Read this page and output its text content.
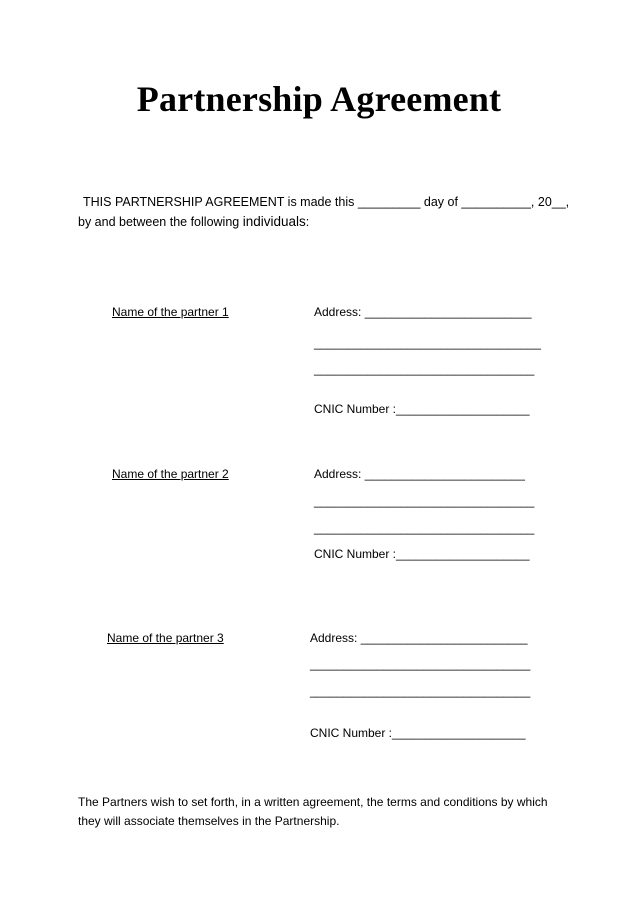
Partnership Agreement
THIS PARTNERSHIP AGREEMENT is made this _________ day of __________, 20__,
by and between the following individuals:
Name of the partner 1	Address: _________________________
__________________________________
_________________________________
CNIC Number :____________________
Name of the partner 2	Address: ________________________
_________________________________
_________________________________
CNIC Number :____________________
Name of the partner 3	Address: _________________________
_________________________________
_________________________________
CNIC Number :____________________
The Partners wish to set forth, in a written agreement, the terms and conditions by which
they will associate themselves in the Partnership.
